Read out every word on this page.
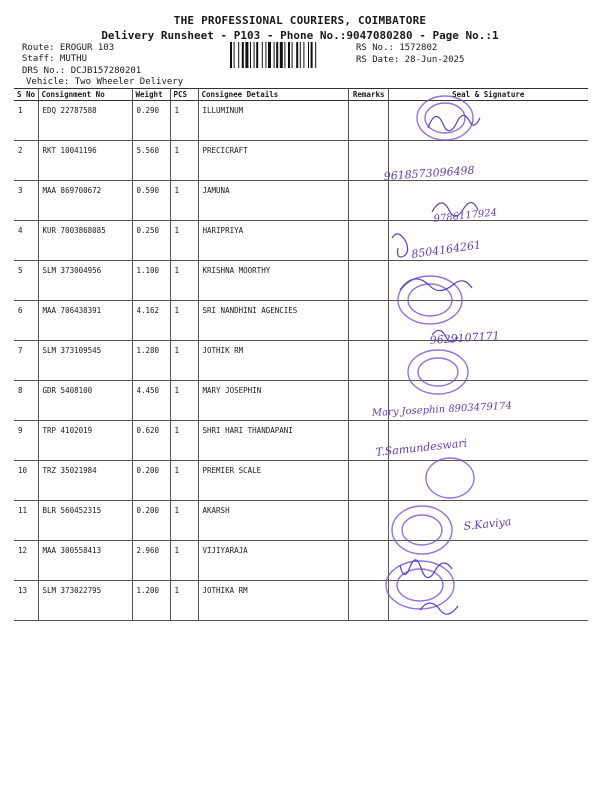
THE PROFESSIONAL COURIERS, COIMBATORE
Delivery Runsheet - P103 - Phone No.:9047080280 - Page No.:1
Route: EROGUR 103
Staff: MUTHU
DRS No.: DCJB157280201
Vehicle: Two Wheeler Delivery
RS No.: 1572802
RS Date: 28-Jun-2025
S No	Consignment No	Weight	PCS	Consignee Details	Remarks	Seal & Signature
1	EDQ 22787588	0.290	1	ILLUMINUM		
2	RKT 10041196	5.560	1	PRECICRAFT		
3	MAA 869700672	0.590	1	JAMUNA		
4	KUR 7003868085	0.250	1	HARIPRIYA		
5	SLM 373004956	1.100	1	KRISHNA MOORTHY		
6	MAA 706438391	4.162	1	SRI NANDHINI AGENCIES		
7	SLM 373109545	1.280	1	JOTHIK RM		
8	GDR 5408100	4.450	1	MARY JOSEPHIN		
9	TRP 4102019	0.620	1	SHRI HARI THANDAPANI		
10	TRZ 35021984	0.200	1	PREMIER SCALE		
11	BLR 560452315	0.200	1	AKARSH		
12	MAA 300558413	2.960	1	VIJIYARAJA		
13	SLM 373022795	1.200	1	JOTHIKA RM		
9618573096498
9786117924
8504164261
9629107171
Mary Josephin 8903479174
T.Samundeswari
S.Kaviya
